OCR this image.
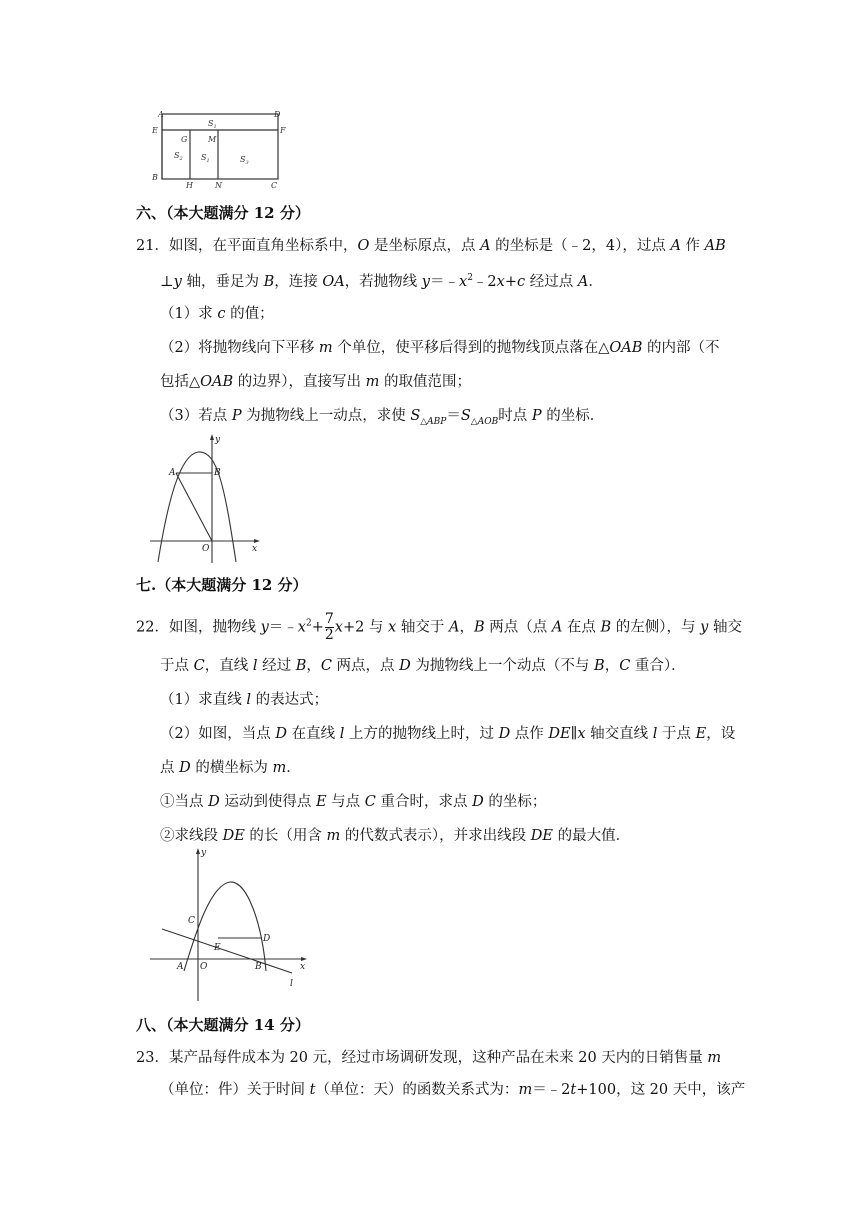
A	D
E	F
B
C
G	M
H	N
$S_1$
$S_2$ $S_1$	$S_3$
六、（本大题满分 12 分）
21．如图，在平面直角坐标系中，O 是坐标原点，点 A 的坐标是（﹣2，4），过点 A 作 AB
⊥y 轴，垂足为 B，连接 OA，若抛物线 $y=﹣x^2﹣2x+c$ 经过点 A．
（1）求 c 的值；
（2）将抛物线向下平移 m 个单位，使平移后得到的抛物线顶点落在△OAB 的内部（不
包括△OAB 的边界），直接写出 m 的取值范围；
（3）若点 P 为抛物线上一动点，求使 $S_{\triangle ABP}=S_{\triangle AOB}$时点 P 的坐标．
A	B
O	x
y
七.（本大题满分 12 分）
22．如图，抛物线 $y=﹣x^2+ \frac{7}{2} x+2$ 与 x 轴交于 A，B 两点（点 A 在点 B 的左侧），与 y 轴交
于点 C，直线 l 经过 B，C 两点，点 D 为抛物线上一个动点（不与 B，C 重合）．
（1）求直线 l 的表达式；
（2）如图，当点 D 在直线 l 上方的抛物线上时，过 D 点作 DE∥x 轴交直线 l 于点 E，设
点 D 的横坐标为 m．
①当点 D 运动到使得点 E 与点 C 重合时，求点 D 的坐标；
②求线段 DE 的长（用含 m 的代数式表示），并求出线段 DE 的最大值．
y
C
D
E
A O	B	x
l
八、（本大题满分 14 分）
23．某产品每件成本为 20 元，经过市场调研发现，这种产品在未来 20 天内的日销售量 m
（单位：件）关于时间 t（单位：天）的函数关系式为：m＝﹣2t+100，这 20 天中，该产
